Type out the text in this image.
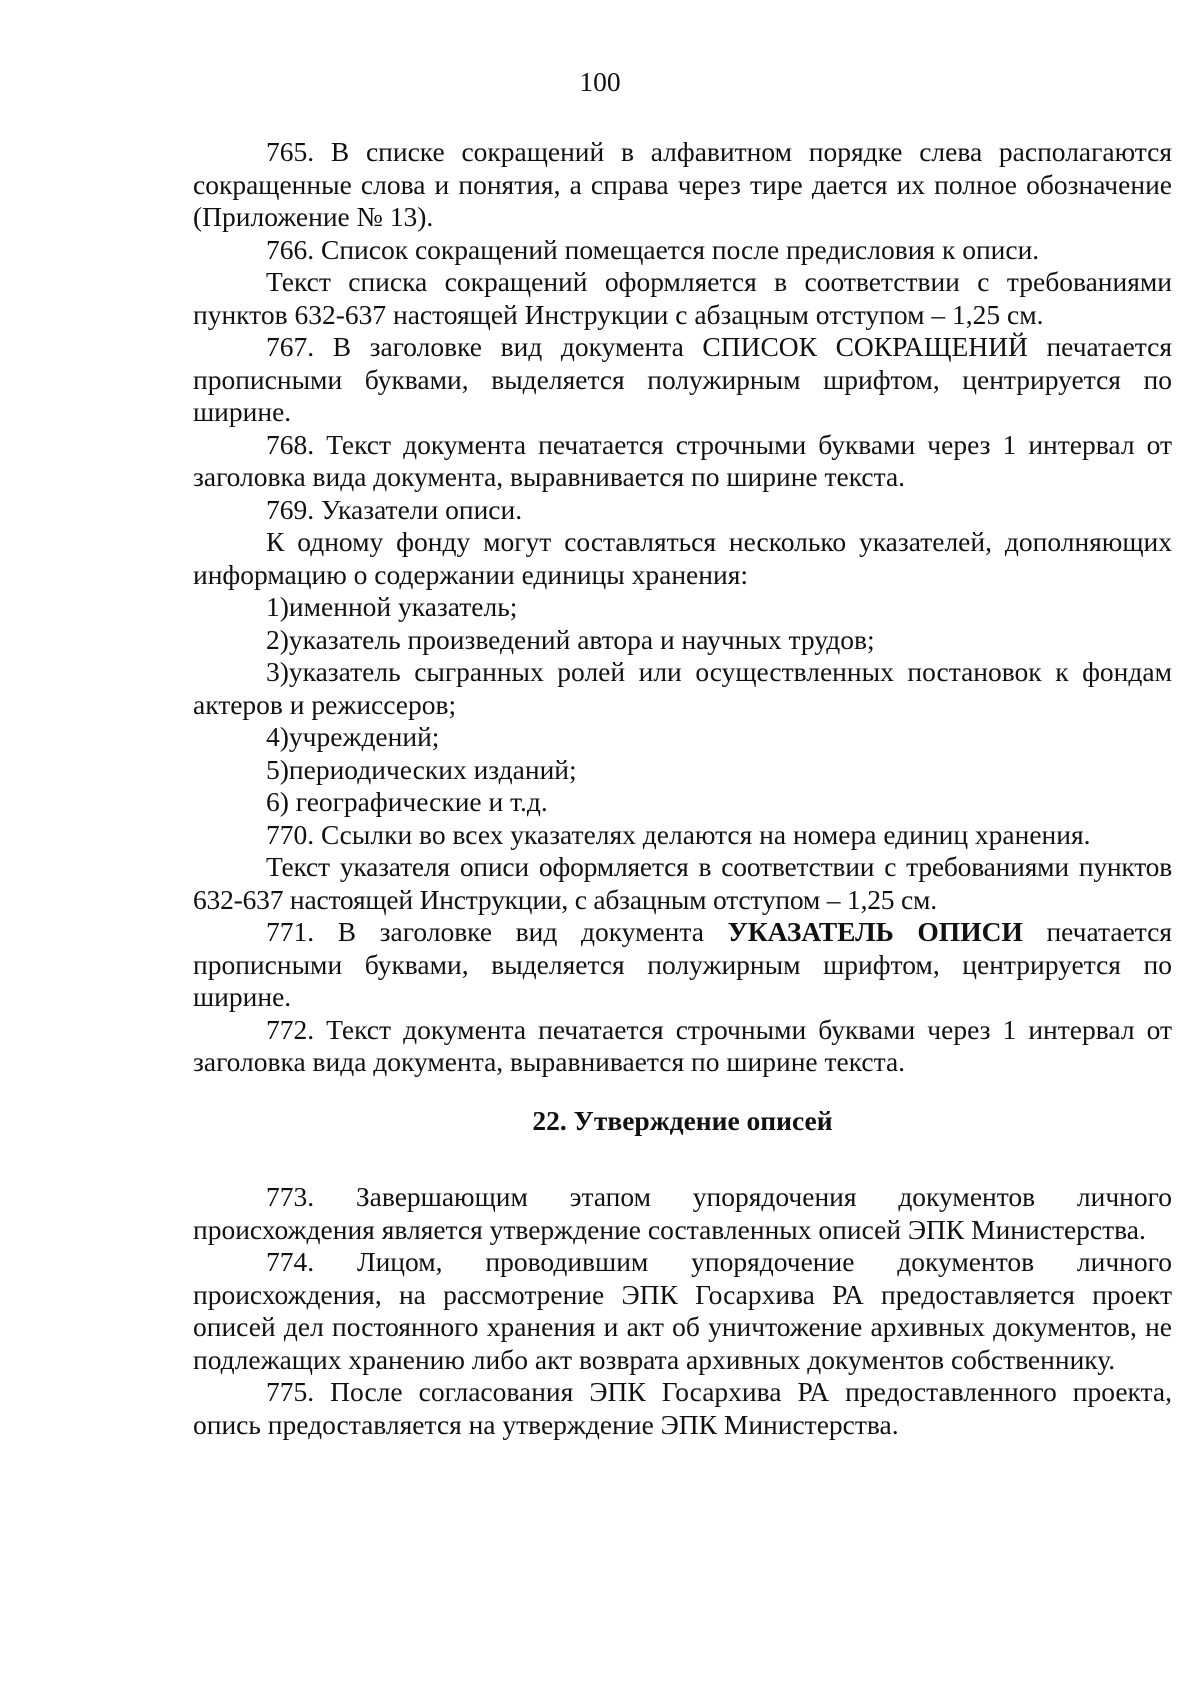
100

765. В списке сокращений в алфавитном порядке слева располагаются сокращенные слова и понятия, а справа через тире дается их полное обозначение (Приложение № 13).

766. Список сокращений помещается после предисловия к описи.

Текст списка сокращений оформляется в соответствии с требованиями пунктов 632-637 настоящей Инструкции с абзацным отступом – 1,25 см.

767. В заголовке вид документа СПИСОК СОКРАЩЕНИЙ печатается прописными буквами, выделяется полужирным шрифтом, центрируется по ширине.

768. Текст документа печатается строчными буквами через 1 интервал от заголовка вида документа, выравнивается по ширине текста.

769. Указатели описи.

К одному фонду могут составляться несколько указателей, дополняющих информацию о содержании единицы хранения:

1)именной указатель;

2)указатель произведений автора и научных трудов;

3)указатель сыгранных ролей или осуществленных постановок к фондам актеров и режиссеров;

4)учреждений;

5)периодических изданий;

6) географические и т.д.

770. Ссылки во всех указателях делаются на номера единиц хранения.

Текст указателя описи оформляется в соответствии с требованиями пунктов 632-637 настоящей Инструкции, с абзацным отступом – 1,25 см.

771. В заголовке вид документа УКАЗАТЕЛЬ ОПИСИ печатается прописными буквами, выделяется полужирным шрифтом, центрируется по ширине.

772. Текст документа печатается строчными буквами через 1 интервал от заголовка вида документа, выравнивается по ширине текста.

22. Утверждение описей

773. Завершающим этапом упорядочения документов личного происхождения является утверждение составленных описей ЭПК Министерства.

774. Лицом, проводившим упорядочение документов личного происхождения, на рассмотрение ЭПК Госархива РА предоставляется проект описей дел постоянного хранения и акт об уничтожение архивных документов, не подлежащих хранению либо акт возврата архивных документов собственнику.

775. После согласования ЭПК Госархива РА предоставленного проекта, опись предоставляется на утверждение ЭПК Министерства.
